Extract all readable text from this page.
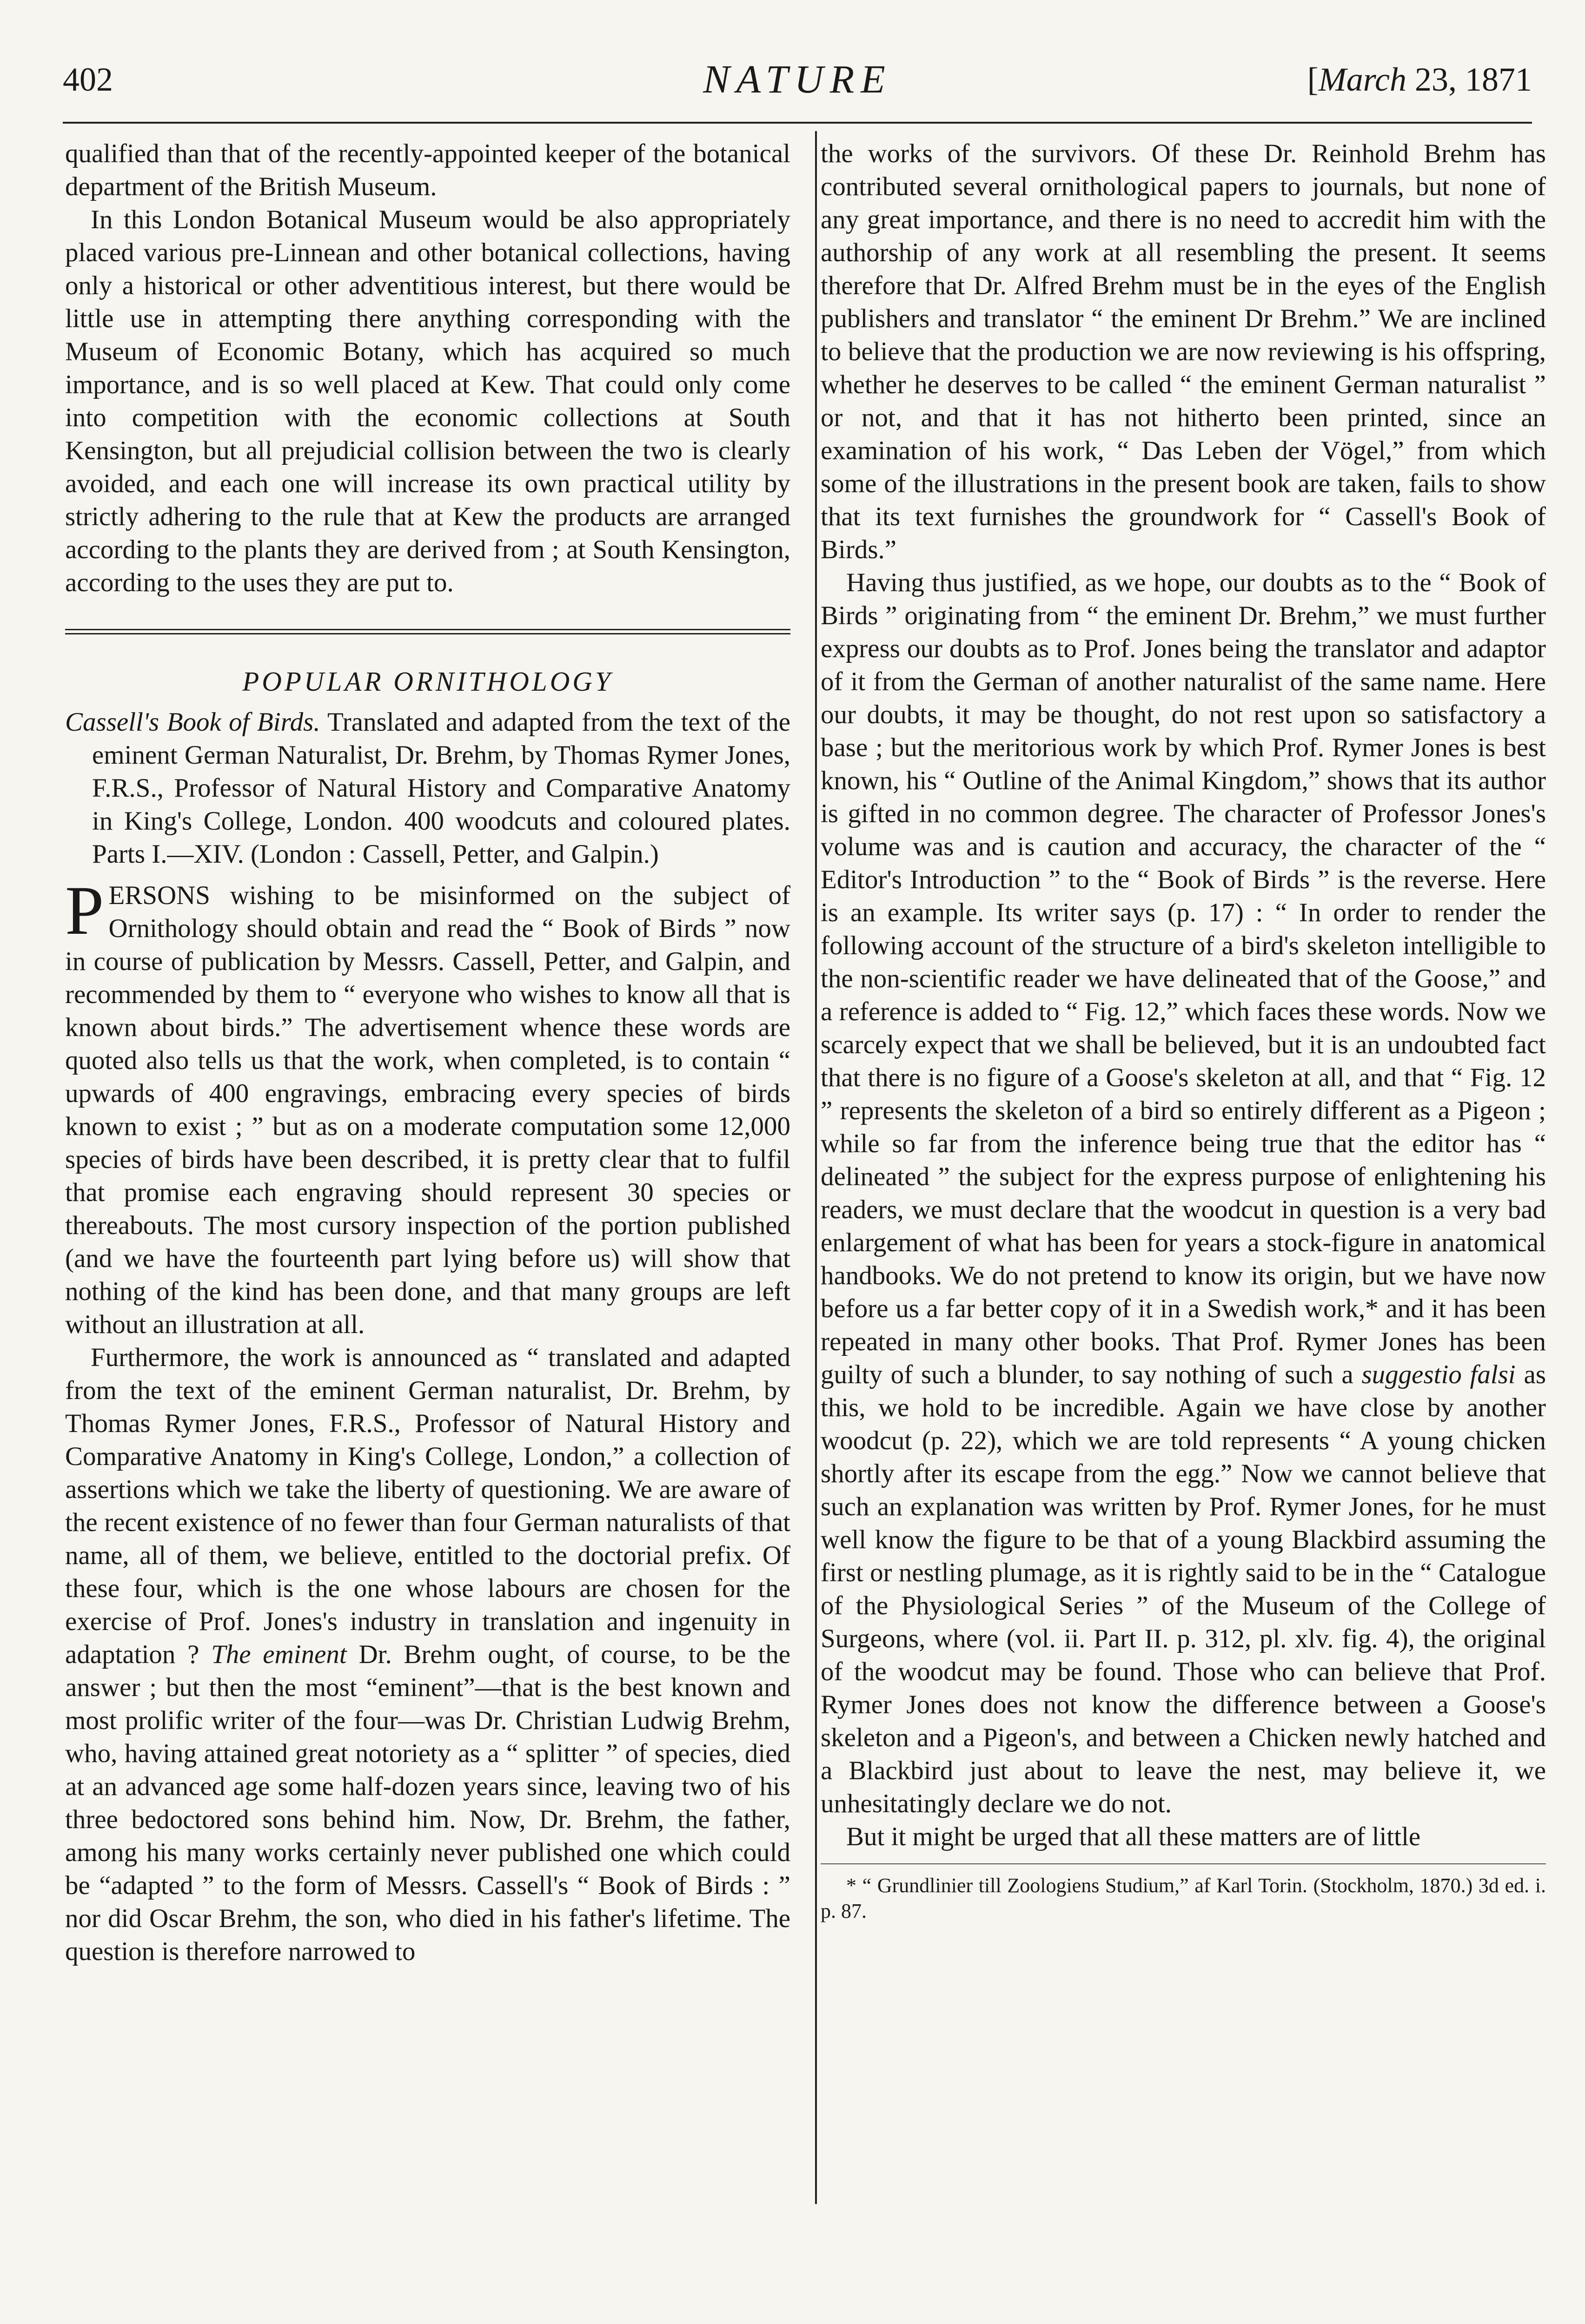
402	NATURE	[March 23, 1871

qualified than that of the recently-appointed keeper of the botanical department of the British Museum.

In this London Botanical Museum would be also appropriately placed various pre-Linnean and other botanical collections, having only a historical or other adventitious interest, but there would be little use in attempting there anything corresponding with the Museum of Economic Botany, which has acquired so much importance, and is so well placed at Kew. That could only come into competition with the economic collections at South Kensington, but all prejudicial collision between the two is clearly avoided, and each one will increase its own practical utility by strictly adhering to the rule that at Kew the products are arranged according to the plants they are derived from ; at South Kensington, according to the uses they are put to.

POPULAR ORNITHOLOGY
Cassell's Book of Birds. Translated and adapted from the text of the eminent German Naturalist, Dr. Brehm, by Thomas Rymer Jones, F.R.S., Professor of Natural History and Comparative Anatomy in King's College, London. 400 woodcuts and coloured plates. Parts I.—XIV. (London : Cassell, Petter, and Galpin.)

PERSONS wishing to be misinformed on the subject of Ornithology should obtain and read the “ Book of Birds ” now in course of publication by Messrs. Cassell, Petter, and Galpin, and recommended by them to “ everyone who wishes to know all that is known about birds.” The advertisement whence these words are quoted also tells us that the work, when completed, is to contain “ upwards of 400 engravings, embracing every species of birds known to exist ; ” but as on a moderate computation some 12,000 species of birds have been described, it is pretty clear that to fulfil that promise each engraving should represent 30 species or thereabouts. The most cursory inspection of the portion published (and we have the fourteenth part lying before us) will show that nothing of the kind has been done, and that many groups are left without an illustration at all.

Furthermore, the work is announced as “ translated and adapted from the text of the eminent German naturalist, Dr. Brehm, by Thomas Rymer Jones, F.R.S., Professor of Natural History and Comparative Anatomy in King's College, London,” a collection of assertions which we take the liberty of questioning. We are aware of the recent existence of no fewer than four German naturalists of that name, all of them, we believe, entitled to the doctorial prefix. Of these four, which is the one whose labours are chosen for the exercise of Prof. Jones's industry in translation and ingenuity in adaptation ? The eminent Dr. Brehm ought, of course, to be the answer ; but then the most “eminent”—that is the best known and most prolific writer of the four—was Dr. Christian Ludwig Brehm, who, having attained great notoriety as a “ splitter ” of species, died at an advanced age some half-dozen years since, leaving two of his three bedoctored sons behind him. Now, Dr. Brehm, the father, among his many works certainly never published one which could be “adapted ” to the form of Messrs. Cassell's “ Book of Birds : ” nor did Oscar Brehm, the son, who died in his father's lifetime. The question is therefore narrowed to

the works of the survivors. Of these Dr. Reinhold Brehm has contributed several ornithological papers to journals, but none of any great importance, and there is no need to accredit him with the authorship of any work at all resembling the present. It seems therefore that Dr. Alfred Brehm must be in the eyes of the English publishers and translator “ the eminent Dr Brehm.” We are inclined to believe that the production we are now reviewing is his offspring, whether he deserves to be called “ the eminent German naturalist ” or not, and that it has not hitherto been printed, since an examination of his work, “ Das Leben der Vögel,” from which some of the illustrations in the present book are taken, fails to show that its text furnishes the groundwork for “ Cassell's Book of Birds.”

Having thus justified, as we hope, our doubts as to the “ Book of Birds ” originating from “ the eminent Dr. Brehm,” we must further express our doubts as to Prof. Jones being the translator and adaptor of it from the German of another naturalist of the same name. Here our doubts, it may be thought, do not rest upon so satisfactory a base ; but the meritorious work by which Prof. Rymer Jones is best known, his “ Outline of the Animal Kingdom,” shows that its author is gifted in no common degree. The character of Professor Jones's volume was and is caution and accuracy, the character of the “ Editor's Introduction ” to the “ Book of Birds ” is the reverse. Here is an example. Its writer says (p. 17) : “ In order to render the following account of the structure of a bird's skeleton intelligible to the non-scientific reader we have delineated that of the Goose,” and a reference is added to “ Fig. 12,” which faces these words. Now we scarcely expect that we shall be believed, but it is an undoubted fact that there is no figure of a Goose's skeleton at all, and that “ Fig. 12 ” represents the skeleton of a bird so entirely different as a Pigeon ; while so far from the inference being true that the editor has “ delineated ” the subject for the express purpose of enlightening his readers, we must declare that the woodcut in question is a very bad enlargement of what has been for years a stock-figure in anatomical handbooks. We do not pretend to know its origin, but we have now before us a far better copy of it in a Swedish work,* and it has been repeated in many other books. That Prof. Rymer Jones has been guilty of such a blunder, to say nothing of such a suggestio falsi as this, we hold to be incredible. Again we have close by another woodcut (p. 22), which we are told represents “ A young chicken shortly after its escape from the egg.” Now we cannot believe that such an explanation was written by Prof. Rymer Jones, for he must well know the figure to be that of a young Blackbird assuming the first or nestling plumage, as it is rightly said to be in the “ Catalogue of the Physiological Series ” of the Museum of the College of Surgeons, where (vol. ii. Part II. p. 312, pl. xlv. fig. 4), the original of the woodcut may be found. Those who can believe that Prof. Rymer Jones does not know the difference between a Goose's skeleton and a Pigeon's, and between a Chicken newly hatched and a Blackbird just about to leave the nest, may believe it, we unhesitatingly declare we do not.

But it might be urged that all these matters are of little

* “ Grundlinier till Zoologiens Studium,” af Karl Torin. (Stockholm, 1870.) 3d ed. i. p. 87.
